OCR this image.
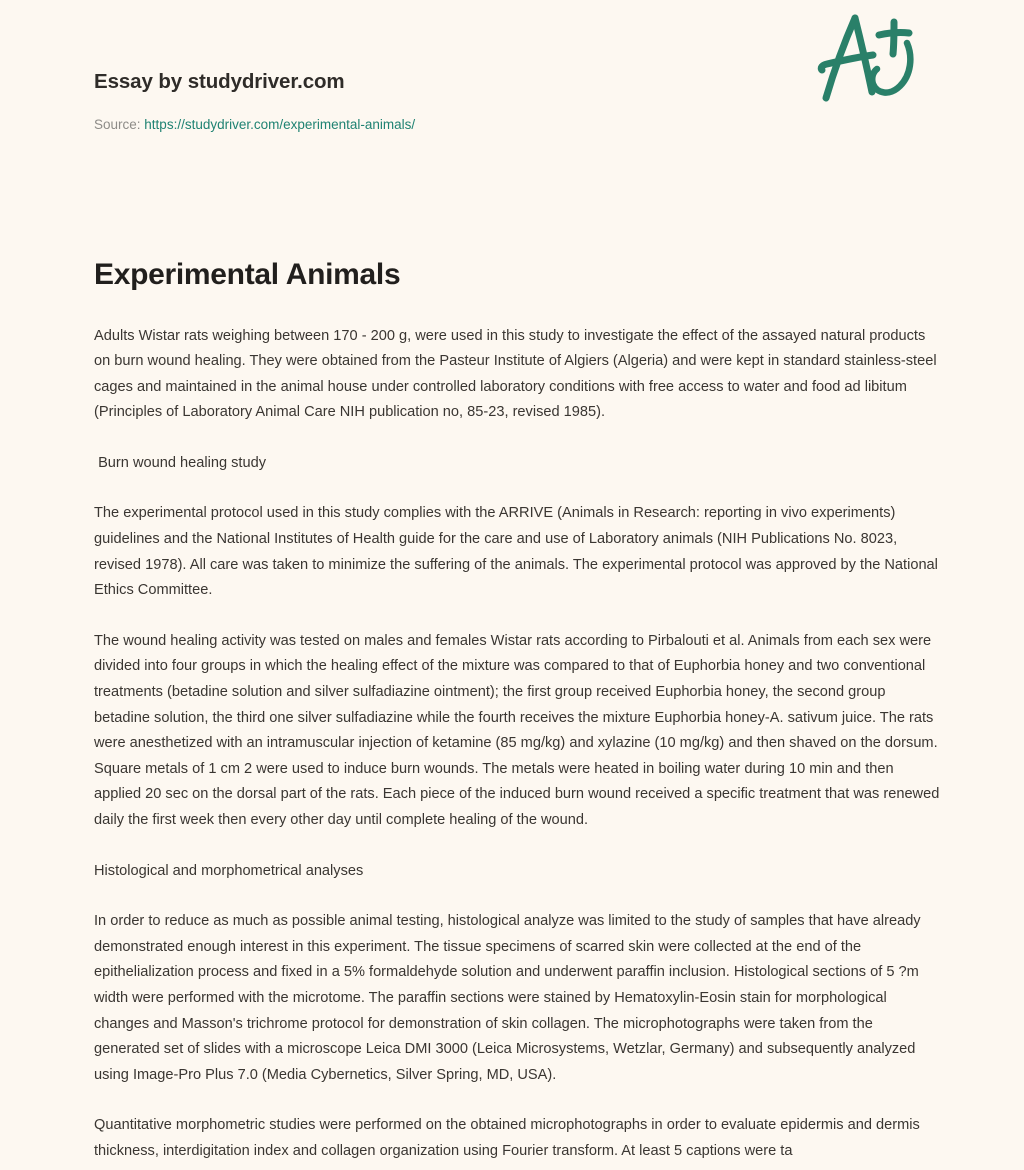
Essay by studydriver.com
Source: https://studydriver.com/experimental-animals/
Experimental Animals

Adults Wistar rats weighing between 170 - 200 g, were used in this study to investigate the effect of the assayed natural products on burn wound healing. They were obtained from the Pasteur Institute of Algiers (Algeria) and were kept in standard stainless-steel cages and maintained in the animal house under controlled laboratory conditions with free access to water and food ad libitum (Principles of Laboratory Animal Care NIH publication no, 85-23, revised 1985).

Burn wound healing study

The experimental protocol used in this study complies with the ARRIVE (Animals in Research: reporting in vivo experiments) guidelines and the National Institutes of Health guide for the care and use of Laboratory animals (NIH Publications No. 8023, revised 1978). All care was taken to minimize the suffering of the animals. The experimental protocol was approved by the National Ethics Committee.

The wound healing activity was tested on males and females Wistar rats according to Pirbalouti et al. Animals from each sex were divided into four groups in which the healing effect of the mixture was compared to that of Euphorbia honey and two conventional treatments (betadine solution and silver sulfadiazine ointment); the first group received Euphorbia honey, the second group betadine solution, the third one silver sulfadiazine while the fourth receives the mixture Euphorbia honey-A. sativum juice. The rats were anesthetized with an intramuscular injection of ketamine (85 mg/kg) and xylazine (10 mg/kg) and then shaved on the dorsum. Square metals of 1 cm 2 were used to induce burn wounds. The metals were heated in boiling water during 10 min and then applied 20 sec on the dorsal part of the rats. Each piece of the induced burn wound received a specific treatment that was renewed daily the first week then every other day until complete healing of the wound.

Histological and morphometrical analyses

In order to reduce as much as possible animal testing, histological analyze was limited to the study of samples that have already demonstrated enough interest in this experiment. The tissue specimens of scarred skin were collected at the end of the epithelialization process and fixed in a 5% formaldehyde solution and underwent paraffin inclusion. Histological sections of 5 ?m width were performed with the microtome. The paraffin sections were stained by Hematoxylin-Eosin stain for morphological changes and Masson's trichrome protocol for demonstration of skin collagen. The microphotographs were taken from the generated set of slides with a microscope Leica DMI 3000 (Leica Microsystems, Wetzlar, Germany) and subsequently analyzed using Image-Pro Plus 7.0 (Media Cybernetics, Silver Spring, MD, USA).

Quantitative morphometric studies were performed on the obtained microphotographs in order to evaluate epidermis and dermis thickness, interdigitation index and collagen organization using Fourier transform. At least 5 captions were ta
